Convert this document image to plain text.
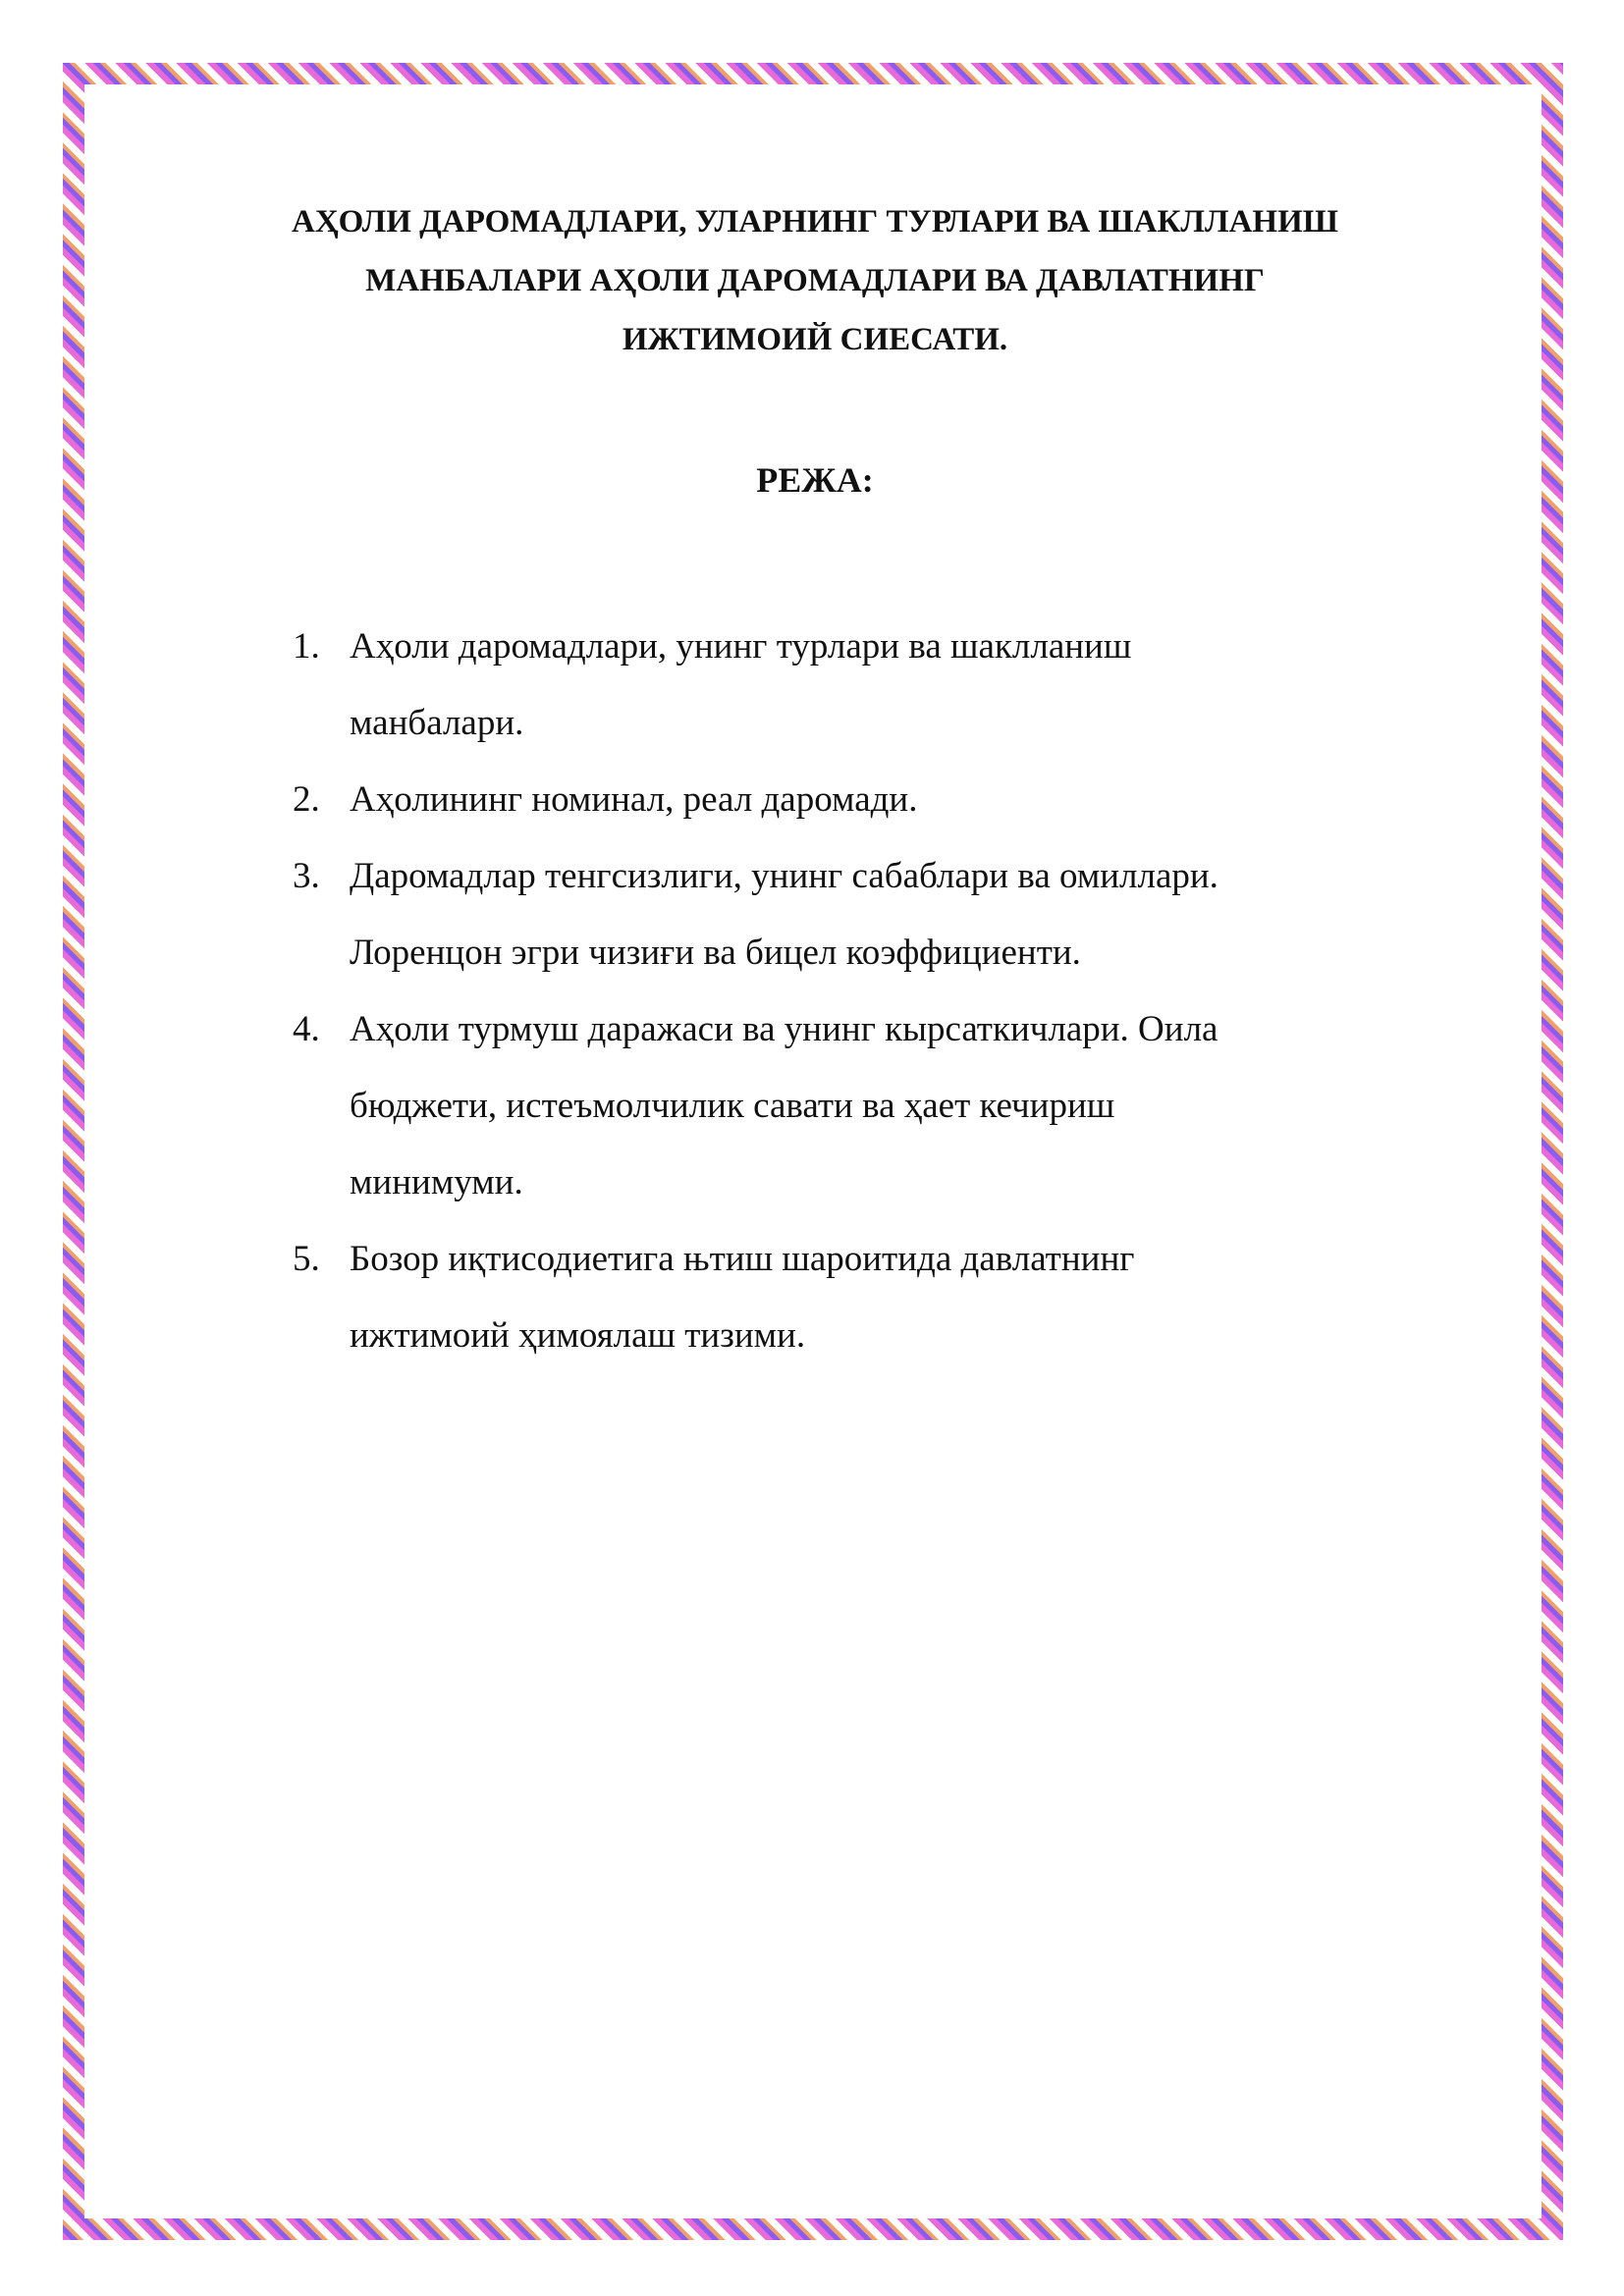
АҲОЛИ ДАРОМАДЛАРИ, УЛАРНИНГ ТУРЛАРИ ВА ШАКЛЛАНИШ
МАНБАЛАРИ АҲОЛИ ДАРОМАДЛАРИ ВА ДАВЛАТНИНГ
ИЖТИМОИЙ СИЕСАТИ.
РЕЖА:
1. Аҳоли даромадлари, унинг турлари ва шаклланиш
манбалари.
2. Аҳолининг номинал, реал даромади.
3. Даромадлар тенгсизлиги, унинг сабаблари ва омиллари.
Лоренцон эгри чизиғи ва бицел коэффициенти.
4. Аҳоли турмуш даражаси ва унинг кырсаткичлари. Оила
бюджети, истеъмолчилик савати ва ҳает кечириш
минимуми.
5. Бозор иқтисодиетига њтиш шароитида давлатнинг
ижтимоий ҳимоялаш тизими.
